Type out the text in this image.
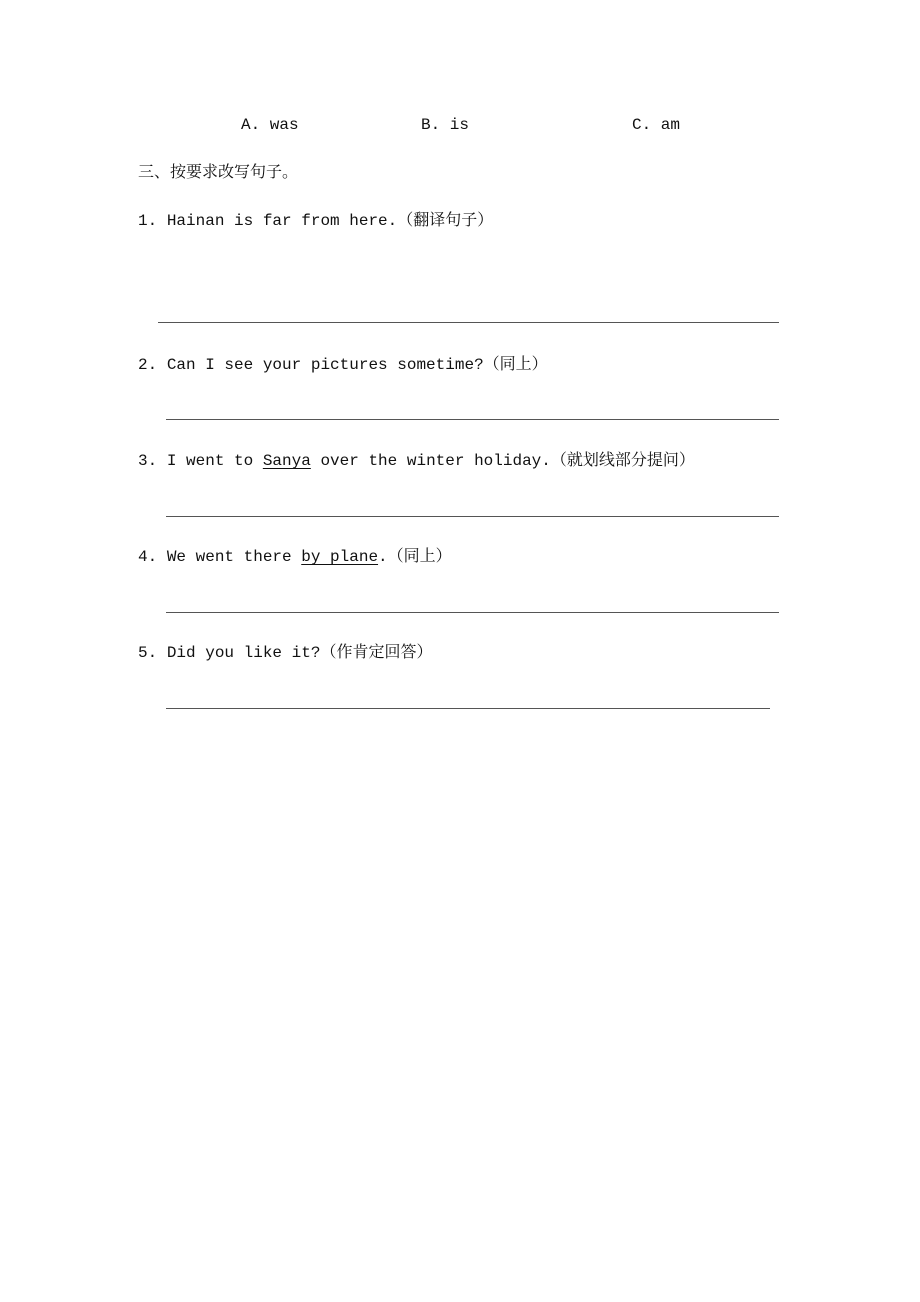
A. was	B. is	C. am
三、按要求改写句子。
1. Hainan is far from here.（翻译句子）
2. Can I see your pictures sometime?（同上）
3. I went to Sanya over the winter holiday.（就划线部分提问）
4. We went there by plane.（同上）
5. Did you like it?（作肯定回答）
